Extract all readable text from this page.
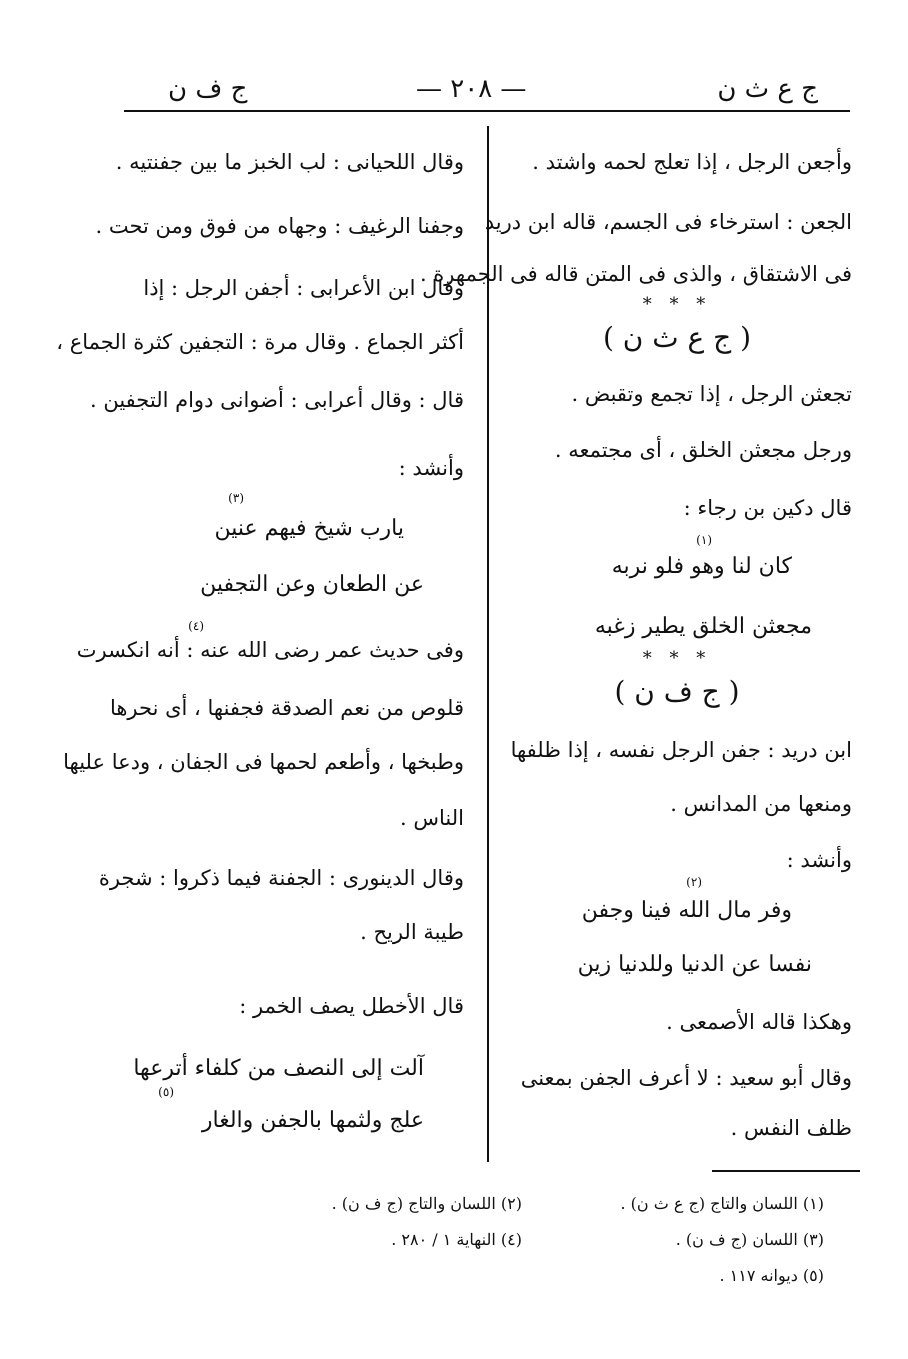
ج ع ث ن
— ٢٠٨ —
ج ف ن
وأجعن الرجل ، إذا تعلج لحمه واشتد .
الجعن : استرخاء فى الجسم، قاله ابن دريد
فى الاشتقاق ، والذى فى المتن قاله فى الجمهرة .
* * *
( ج ع ث ن )
تجعثن الرجل ، إذا تجمع وتقبض .
ورجل مجعثن الخلق ، أى مجتمعه .
قال دكين بن رجاء :
(١)
كان لنا وهو فلو نربه
مجعثن الخلق يطير زغبه
* * *
( ج ف ن )
ابن دريد : جفن الرجل نفسه ، إذا ظلفها
ومنعها من المدانس .
وأنشد :
(٢)
وفر مال الله فينا وجفن
نفسا عن الدنيا وللدنيا زين
وهكذا قاله الأصمعى .
وقال أبو سعيد : لا أعرف الجفن بمعنى
ظلف النفس .
وقال اللحيانى : لب الخبز ما بين جفنتيه .
وجفنا الرغيف : وجهاه من فوق ومن تحت .
وقال ابن الأعرابى : أجفن الرجل : إذا
أكثر الجماع . وقال مرة : التجفين كثرة الجماع ،
قال : وقال أعرابى : أضوانى دوام التجفين .
وأنشد :
(٣)
يارب شيخ فيهم عنين
عن الطعان وعن التجفين
(٤)
وفى حديث عمر رضى الله عنه : أنه انكسرت
قلوص من نعم الصدقة فجفنها ، أى نحرها
وطبخها ، وأطعم لحمها فى الجفان ، ودعا عليها
الناس .
وقال الدينورى : الجفنة فيما ذكروا : شجرة
طيبة الريح .
قال الأخطل يصف الخمر :
آلت إلى النصف من كلفاء أترعها
(٥)
علج ولثمها بالجفن والغار
(١) اللسان والتاج (ج ع ث ن) .
(٢) اللسان والتاج (ج ف ن) .
(٣) اللسان (ج ف ن) .
(٤) النهاية ١ / ٢٨٠ .
(٥) ديوانه ١١٧ .
